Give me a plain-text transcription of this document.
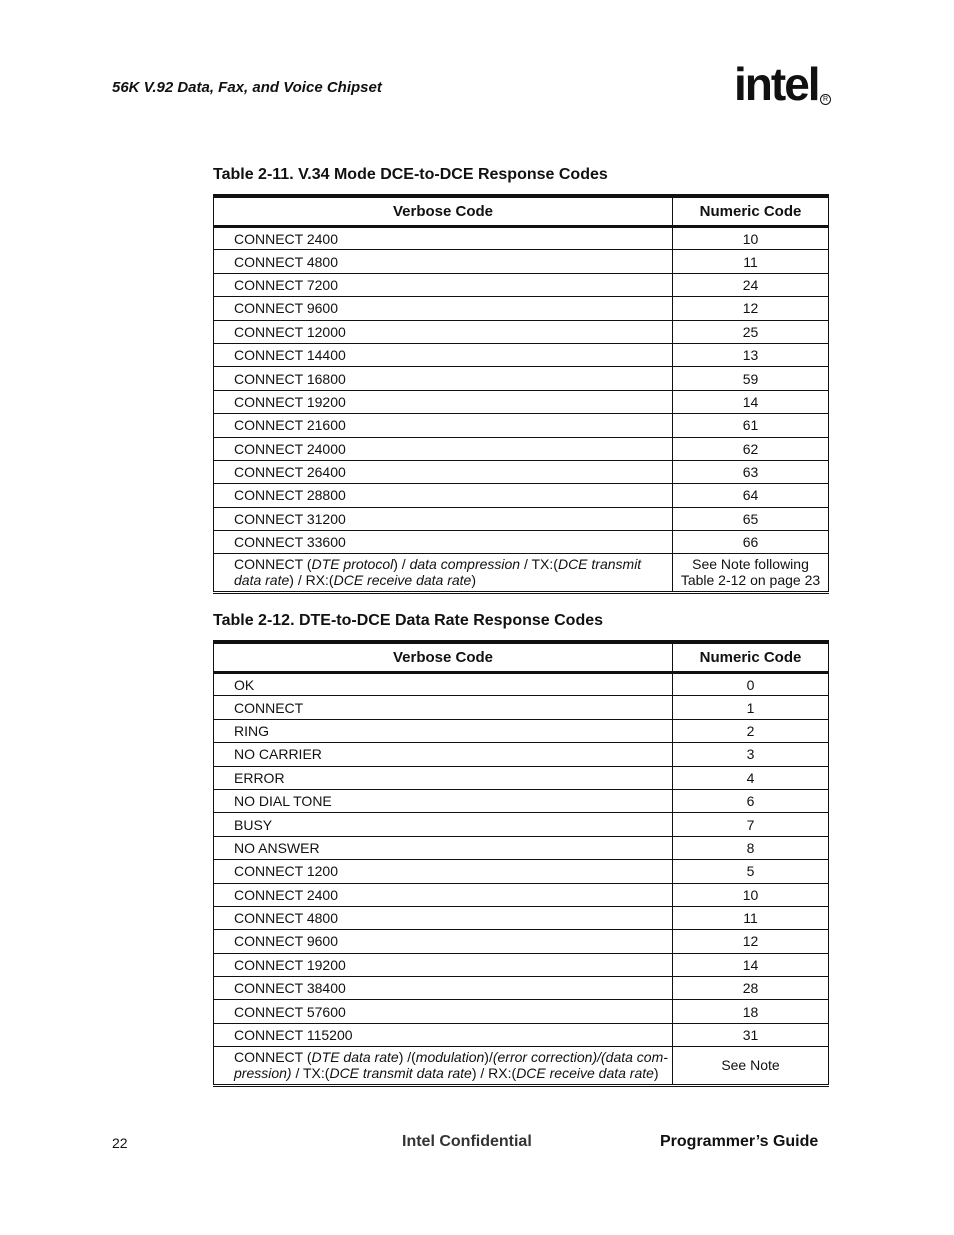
56K V.92 Data, Fax, and Voice Chipset	intel R
Table 2-11. V.34 Mode DCE-to-DCE Response Codes
Verbose Code	Numeric Code
CONNECT 2400	10
CONNECT 4800	11
CONNECT 7200	24
CONNECT 9600	12
CONNECT 12000	25
CONNECT 14400	13
CONNECT 16800	59
CONNECT 19200	14
CONNECT 21600	61
CONNECT 24000	62
CONNECT 26400	63
CONNECT 28800	64
CONNECT 31200	65
CONNECT 33600	66
CONNECT (DTE protocol) / data compression / TX:(DCE transmit data rate) / RX:(DCE receive data rate)	See Note following
Table 2-12 on page 23
Table 2-12. DTE-to-DCE Data Rate Response Codes
Verbose Code	Numeric Code
OK	0
CONNECT	1
RING	2
NO CARRIER	3
ERROR	4
NO DIAL TONE	6
BUSY	7
NO ANSWER	8
CONNECT 1200	5
CONNECT 2400	10
CONNECT 4800	11
CONNECT 9600	12
CONNECT 19200	14
CONNECT 38400	28
CONNECT 57600	18
CONNECT 115200	31
CONNECT (DTE data rate) /(modulation)/(error correction)/(data com-pression) / TX:(DCE transmit data rate) / RX:(DCE receive data rate)	See Note
22	Intel Confidential	Programmer’s Guide
